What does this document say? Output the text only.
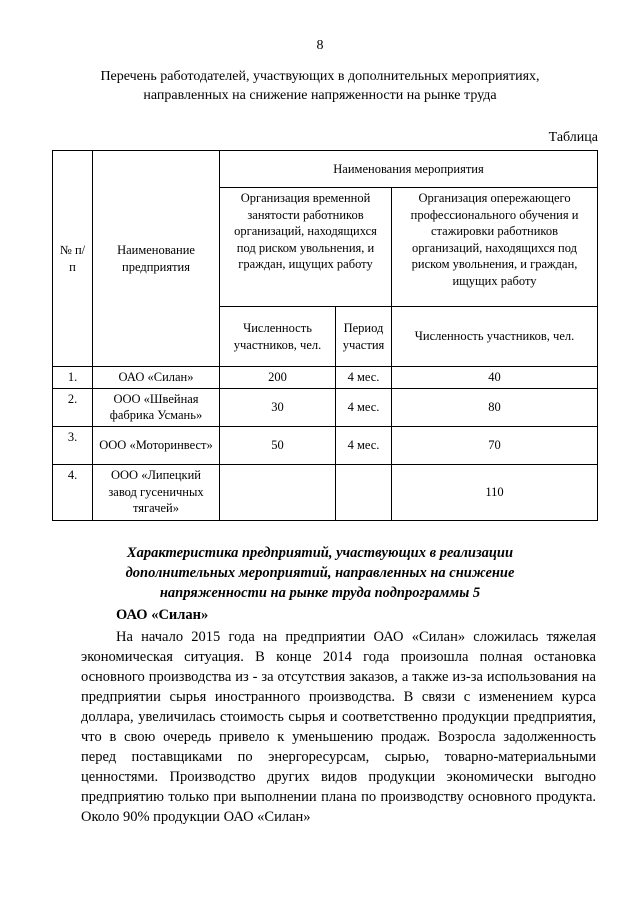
8
Перечень работодателей, участвующих в дополнительных мероприятиях,
направленных на снижение напряженности на рынке труда
Таблица
№ п/п	Наименование предприятия	Наименования мероприятия		
		Организация временной занятости работников организаций, находящихся под риском увольнения, и граждан, ищущих работу		Организация опережающего профессионального обучения и стажировки работников организаций, находящихся под риском увольнения, и граждан, ищущих работу
		Численность участников, чел.	Период участия	Численность участников, чел.
1.	ОАО «Силан»	200	4 мес.	40
2.	ООО «Швейная фабрика Усмань»	30	4 мес.	80
3.	ООО «Моторинвест»	50	4 мес.	70
4.	ООО «Липецкий завод гусеничных тягачей»			110
Характеристика предприятий, участвующих в реализации
дополнительных мероприятий, направленных на снижение
напряженности на рынке труда подпрограммы 5
ОАО «Силан»

На начало 2015 года на предприятии ОАО «Силан» сложилась тяжелая экономическая ситуация. В конце 2014 года произошла полная остановка основного производства из - за отсутствия заказов, а также из-за использования на предприятии сырья иностранного производства. В связи с изменением курса доллара, увеличилась стоимость сырья и соответственно продукции предприятия, что в свою очередь привело к уменьшению продаж. Возросла задолженность перед поставщиками по энергоресурсам, сырью, товарно-материальными ценностями. Производство других видов продукции экономически выгодно предприятию только при выполнении плана по производству основного продукта. Около 90% продукции ОАО «Силан»
